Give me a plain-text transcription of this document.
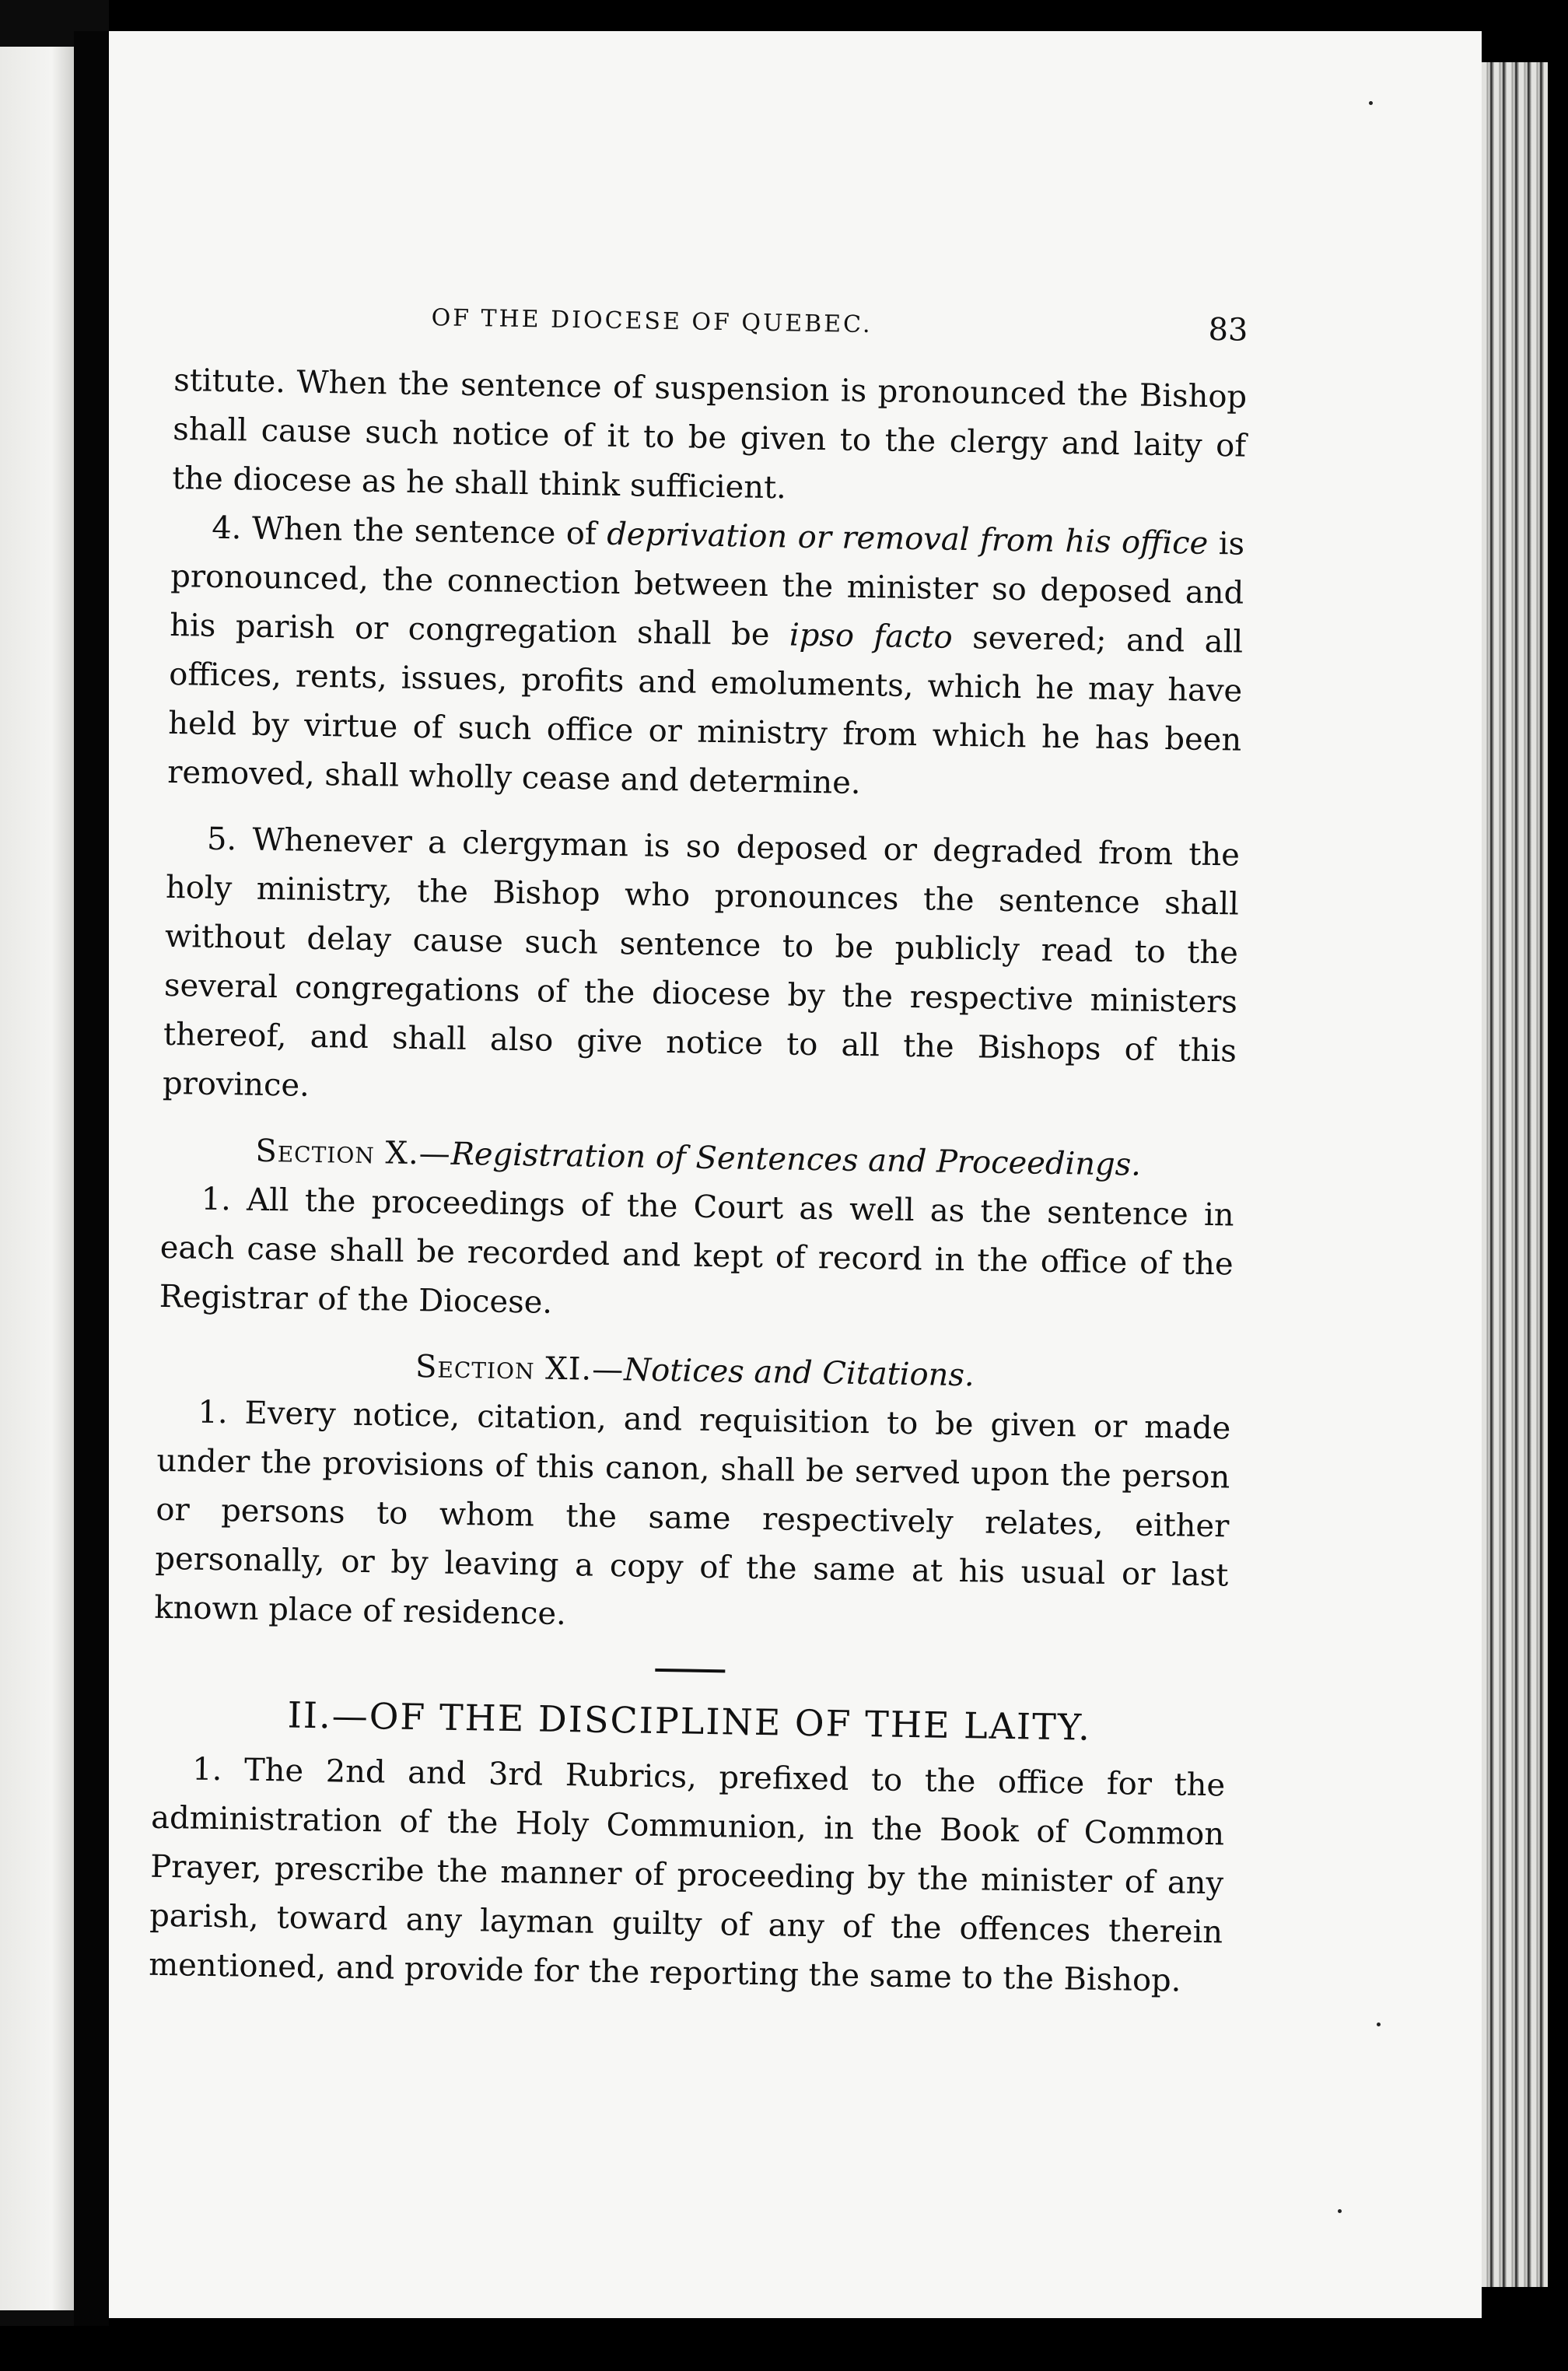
OF THE DIOCESE OF QUEBEC.	83

stitute. When the sentence of suspension is pronounced the Bishop shall cause such notice of it to be given to the clergy and laity of the diocese as he shall think sufficient.

4. When the sentence of deprivation or removal from his office is pronounced, the connection between the minister so deposed and his parish or congregation shall be ipso facto severed; and all offices, rents, issues, profits and emoluments, which he may have held by virtue of such office or ministry from which he has been removed, shall wholly cease and determine.

5. Whenever a clergyman is so deposed or degraded from the holy ministry, the Bishop who pronounces the sentence shall without delay cause such sentence to be publicly read to the several congregations of the diocese by the respective ministers thereof, and shall also give notice to all the Bishops of this province.

Section X.—Registration of Sentences and Proceedings.

1. All the proceedings of the Court as well as the sentence in each case shall be recorded and kept of record in the office of the Registrar of the Diocese.

Section XI.—Notices and Citations.

1. Every notice, citation, and requisition to be given or made under the provisions of this canon, shall be served upon the person or persons to whom the same respectively relates, either personally, or by leaving a copy of the same at his usual or last known place of residence.

II.—OF THE DISCIPLINE OF THE LAITY.

1. The 2nd and 3rd Rubrics, prefixed to the office for the administration of the Holy Communion, in the Book of Common Prayer, prescribe the manner of proceeding by the minister of any parish, toward any layman guilty of any of the offences therein mentioned, and provide for the reporting the same to the Bishop.
